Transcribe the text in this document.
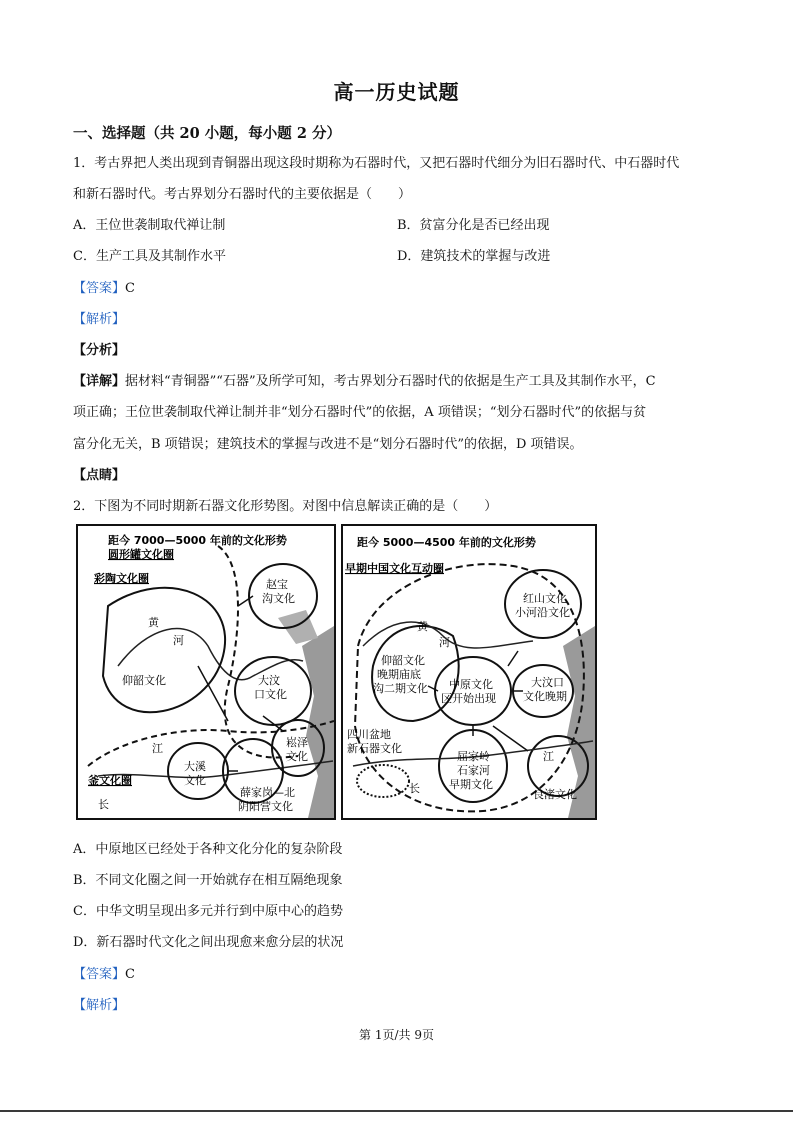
高一历史试题
一、选择题（共 20 小题，每小题 2 分）
1．考古界把人类出现到青铜器出现这段时期称为石器时代，又把石器时代细分为旧石器时代、中石器时代
和新石器时代。考古界划分石器时代的主要依据是（　　）
A．王位世袭制取代禅让制	B．贫富分化是否已经出现
C．生产工具及其制作水平	D．建筑技术的掌握与改进
【答案】C
【解析】
【分析】
【详解】据材料“青铜器”“石器”及所学可知，考古界划分石器时代的依据是生产工具及其制作水平，C
项正确；王位世袭制取代禅让制并非“划分石器时代”的依据，A 项错误；“划分石器时代”的依据与贫
富分化无关，B 项错误；建筑技术的掌握与改进不是“划分石器时代”的依据，D 项错误。
【点睛】
2．下图为不同时期新石器文化形势图。对图中信息解读正确的是（　　）
距今 7000—5000 年前的文化形势
圆形罐文化圈
彩陶文化圈	赵宝
沟文化
黄
河
仰韶文化	大汶
口文化
江
釜文化圈
长
大溪
文化
崧泽
文化
薛家岗—北
阴阳营文化
距今 5000—4500 年前的文化形势
早期中国文化互动圈
红山文化
小河沿文化
黄
河
仰韶文化
晚期庙底
沟二期文化 中原文化
区开始出现
大汶口
文化晚期
四川盆地
新石器文化
屈家岭
石家河
早期文化
江
长	良渚文化
A．中原地区已经处于各种文化分化的复杂阶段
B．不同文化圈之间一开始就存在相互隔绝现象
C．中华文明呈现出多元并行到中原中心的趋势
D．新石器时代文化之间出现愈来愈分层的状况
【答案】C
【解析】
第 1页/共 9页
